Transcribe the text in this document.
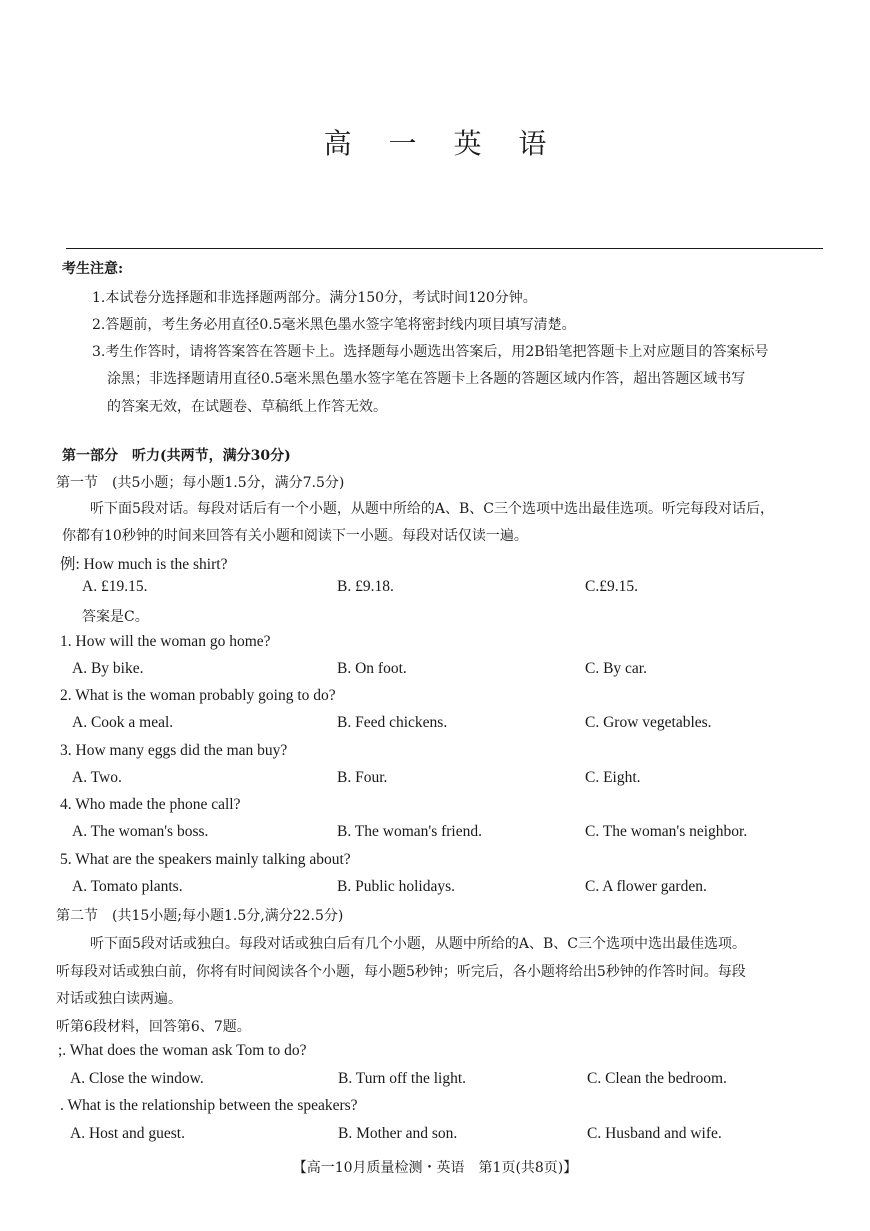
高 一 英 语
考生注意:
1.本试卷分选择题和非选择题两部分。满分150分，考试时间120分钟。
2.答题前，考生务必用直径0.5毫米黑色墨水签字笔将密封线内项目填写清楚。
3.考生作答时，请将答案答在答题卡上。选择题每小题选出答案后，用2B铅笔把答题卡上对应题目的答案标号
涂黑；非选择题请用直径0.5毫米黑色墨水签字笔在答题卡上各题的答题区域内作答，超出答题区域书写
的答案无效，在试题卷、草稿纸上作答无效。
第一部分　听力(共两节，满分30分)
第一节　(共5小题；每小题1.5分，满分7.5分)
听下面5段对话。每段对话后有一个小题，从题中所给的A、B、C三个选项中选出最佳选项。听完每段对话后，
你都有10秒钟的时间来回答有关小题和阅读下一小题。每段对话仅读一遍。
例: How much is the shirt?
A. £19.15.	B. £9.18.	C.£9.15.
答案是C。
1. How will the woman go home?
A. By bike.	B. On foot.	C. By car.
2. What is the woman probably going to do?
A. Cook a meal.	B. Feed chickens.	C. Grow vegetables.
3. How many eggs did the man buy?
A. Two.	B. Four.	C. Eight.
4. Who made the phone call?
A. The woman's boss.	B. The woman's friend.	C. The woman's neighbor.
5. What are the speakers mainly talking about?
A. Tomato plants.	B. Public holidays.	C. A flower garden.
第二节　(共15小题;每小题1.5分,满分22.5分)
听下面5段对话或独白。每段对话或独白后有几个小题，从题中所给的A、B、C三个选项中选出最佳选项。
听每段对话或独白前，你将有时间阅读各个小题，每小题5秒钟；听完后，各小题将给出5秒钟的作答时间。每段
对话或独白读两遍。
听第6段材料，回答第6、7题。
;. What does the woman ask Tom to do?
A. Close the window.	B. Turn off the light.	C. Clean the bedroom.
. What is the relationship between the speakers?
A. Host and guest.	B. Mother and son.	C. Husband and wife.
【高一10月质量检测・英语　第1页(共8页)】
